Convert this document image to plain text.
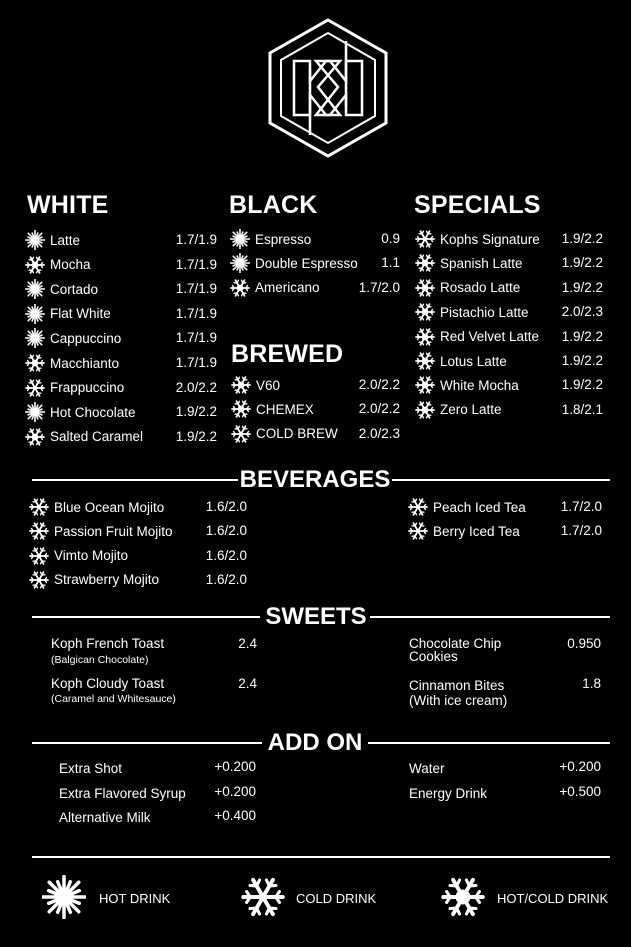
WHITE	BLACK	SPECIALS
BREWED
Latte	1.7/1.9
Mocha	1.7/1.9
Cortado	1.7/1.9
Flat White	1.7/1.9
Cappuccino	1.7/1.9
Macchianto	1.7/1.9
Frappuccino	2.0/2.2
Hot Chocolate	1.9/2.2
Salted Caramel	1.9/2.2
Espresso	0.9
Double Espresso	1.1
Americano	1.7/2.0
V60	2.0/2.2
CHEMEX	2.0/2.2
COLD BREW	2.0/2.3
Kophs Signature	1.9/2.2
Spanish Latte	1.9/2.2
Rosado Latte	1.9/2.2
Pistachio Latte	2.0/2.3
Red Velvet Latte	1.9/2.2
Lotus Latte	1.9/2.2
White Mocha	1.9/2.2
Zero Latte	1.8/2.1
Blue Ocean Mojito	1.6/2.0
Passion Fruit Mojito	1.6/2.0
Vimto Mojito	1.6/2.0
Strawberry Mojito	1.6/2.0
Peach Iced Tea	1.7/2.0
Berry Iced Tea	1.7/2.0
BEVERAGES
SWEETS
Koph French Toast
(Balgican Chocolate)
2.4
Koph Cloudy Toast
(Caramel and Whitesauce)
2.4
Chocolate Chip
Cookies
0.950
Cinnamon Bites
(With ice cream)
1.8
ADD ON
Extra Shot	+0.200
Extra Flavored Syrup	+0.200
Alternative Milk	+0.400
Water	+0.200
Energy Drink	+0.500
HOT DRINK	COLD DRINK	HOT/COLD DRINK
